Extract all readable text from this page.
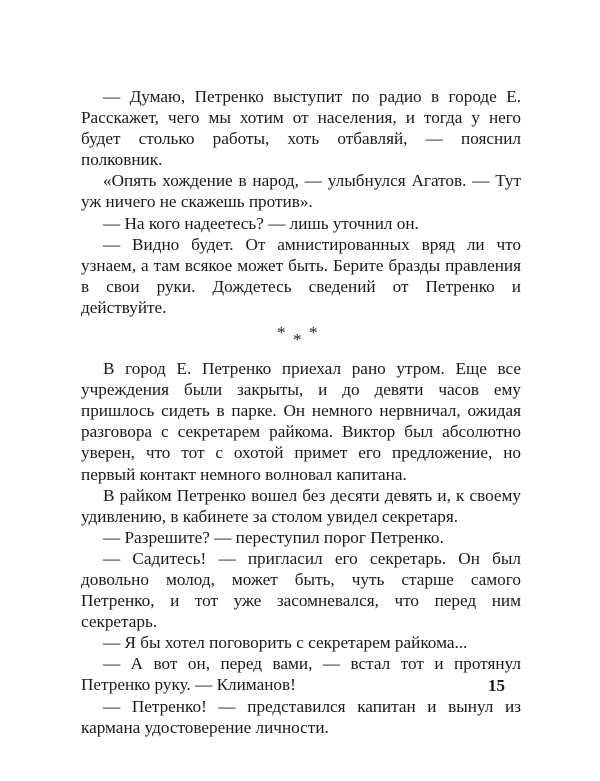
— Думаю, Петренко выступит по радио в городе Е. Расскажет, чего мы хотим от населения, и тогда у него будет столько работы, хоть отбавляй, — пояснил полковник.

«Опять хождение в народ, — улыбнулся Агатов. — Тут уж ничего не скажешь против».

— На кого надеетесь? — лишь уточнил он.

— Видно будет. От амнистированных вряд ли что узнаем, а там всякое может быть. Берите бразды правления в свои руки. Дождетесь сведений от Петренко и действуйте.

* * *

В город Е. Петренко приехал рано утром. Еще все учреждения были закрыты, и до девяти часов ему пришлось сидеть в парке. Он немного нервничал, ожидая разговора с секретарем райкома. Виктор был абсолютно уверен, что тот с охотой примет его предложение, но первый контакт немного волновал капитана.

В райком Петренко вошел без десяти девять и, к своему удивлению, в кабинете за столом увидел секретаря.

— Разрешите? — переступил порог Петренко.

— Садитесь! — пригласил его секретарь. Он был довольно молод, может быть, чуть старше самого Петренко, и тот уже засомневался, что перед ним секретарь.

— Я бы хотел поговорить с секретарем райкома...

— А вот он, перед вами, — встал тот и протянул Петренко руку. — Климанов!

— Петренко! — представился капитан и вынул из кармана удостоверение личности.

15
